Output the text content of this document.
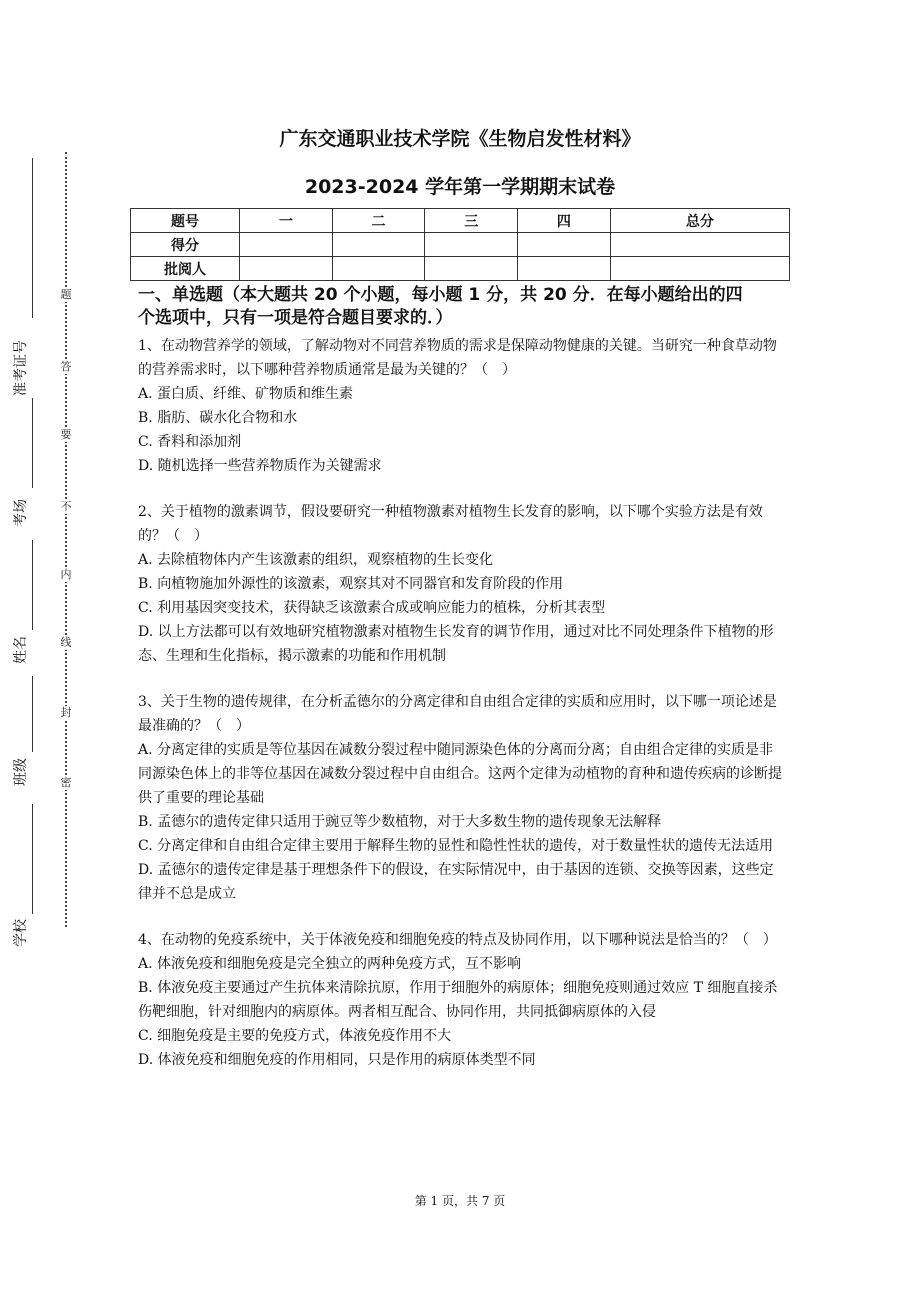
题
答
要
不
内
线
封
密
准考证号
考场
姓名
班级
学校
广东交通职业技术学院《生物启发性材料》
2023-2024 学年第一学期期末试卷
题号	一	二	三	四	总分
得分					
批阅人					
一、单选题（本大题共 20 个小题，每小题 1 分，共 20 分．在每小题给出的四
个选项中，只有一项是符合题目要求的．）

1、在动物营养学的领域，了解动物对不同营养物质的需求是保障动物健康的关键。当研究一种食草动物的营养需求时，以下哪种营养物质通常是最为关键的？（　）

A. 蛋白质、纤维、矿物质和维生素

B. 脂肪、碳水化合物和水

C. 香料和添加剂

D. 随机选择一些营养物质作为关键需求

2、关于植物的激素调节，假设要研究一种植物激素对植物生长发育的影响，以下哪个实验方法是有效的？（　）

A. 去除植物体内产生该激素的组织，观察植物的生长变化

B. 向植物施加外源性的该激素，观察其对不同器官和发育阶段的作用

C. 利用基因突变技术，获得缺乏该激素合成或响应能力的植株，分析其表型

D. 以上方法都可以有效地研究植物激素对植物生长发育的调节作用，通过对比不同处理条件下植物的形态、生理和生化指标，揭示激素的功能和作用机制

3、关于生物的遗传规律，在分析孟德尔的分离定律和自由组合定律的实质和应用时，以下哪一项论述是最准确的？（　）

A. 分离定律的实质是等位基因在减数分裂过程中随同源染色体的分离而分离；自由组合定律的实质是非同源染色体上的非等位基因在减数分裂过程中自由组合。这两个定律为动植物的育种和遗传疾病的诊断提供了重要的理论基础

B. 孟德尔的遗传定律只适用于豌豆等少数植物，对于大多数生物的遗传现象无法解释

C. 分离定律和自由组合定律主要用于解释生物的显性和隐性性状的遗传，对于数量性状的遗传无法适用

D. 孟德尔的遗传定律是基于理想条件下的假设，在实际情况中，由于基因的连锁、交换等因素，这些定律并不总是成立

4、在动物的免疫系统中，关于体液免疫和细胞免疫的特点及协同作用，以下哪种说法是恰当的？（　）

A. 体液免疫和细胞免疫是完全独立的两种免疫方式，互不影响

B. 体液免疫主要通过产生抗体来清除抗原，作用于细胞外的病原体；细胞免疫则通过效应 T 细胞直接杀伤靶细胞，针对细胞内的病原体。两者相互配合、协同作用，共同抵御病原体的入侵

C. 细胞免疫是主要的免疫方式，体液免疫作用不大

D. 体液免疫和细胞免疫的作用相同，只是作用的病原体类型不同

第 1 页，共 7 页
